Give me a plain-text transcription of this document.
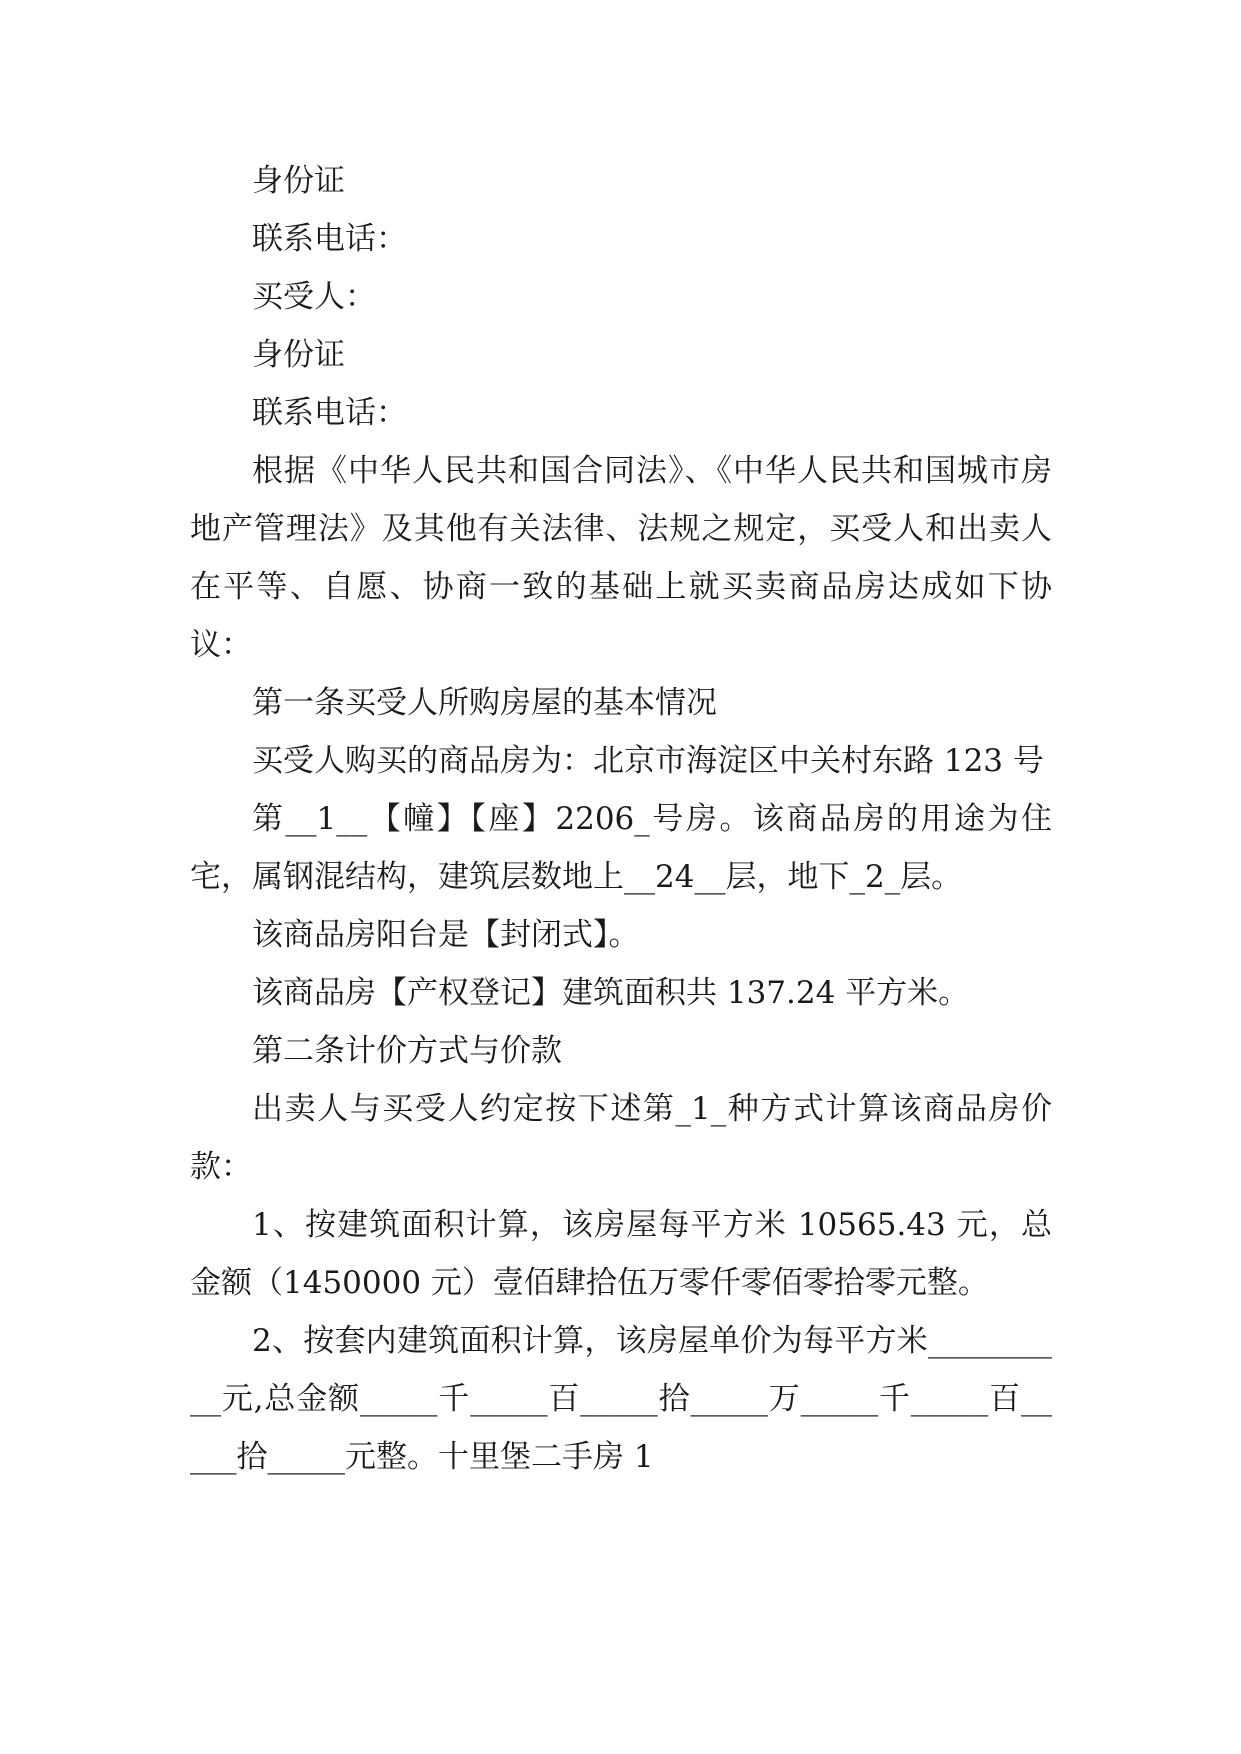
身份证

联系电话：

买受人：

身份证

联系电话：

根据《中华人民共和国合同法》、《中华人民共和国城市房地产管理法》及其他有关法律、法规之规定，买受人和出卖人在平等、自愿、协商一致的基础上就买卖商品房达成如下协议：

第一条买受人所购房屋的基本情况

买受人购买的商品房为：北京市海淀区中关村东路 123 号

第__1__【幢】【座】2206_号房。该商品房的用途为住宅，属钢混结构，建筑层数地上__24__层，地下_2_层。

该商品房阳台是【封闭式】。

该商品房【产权登记】建筑面积共 137.24 平方米。

第二条计价方式与价款

出卖人与买受人约定按下述第_1_种方式计算该商品房价款：

1、按建筑面积计算，该房屋每平方米 10565.43 元，总金额（1450000 元）壹佰肆拾伍万零仟零佰零拾零元整。

2、按套内建筑面积计算，该房屋单价为每平方米__________元,总金额_____千_____百_____拾_____万_____千_____百_____拾_____元整。十里堡二手房 1
